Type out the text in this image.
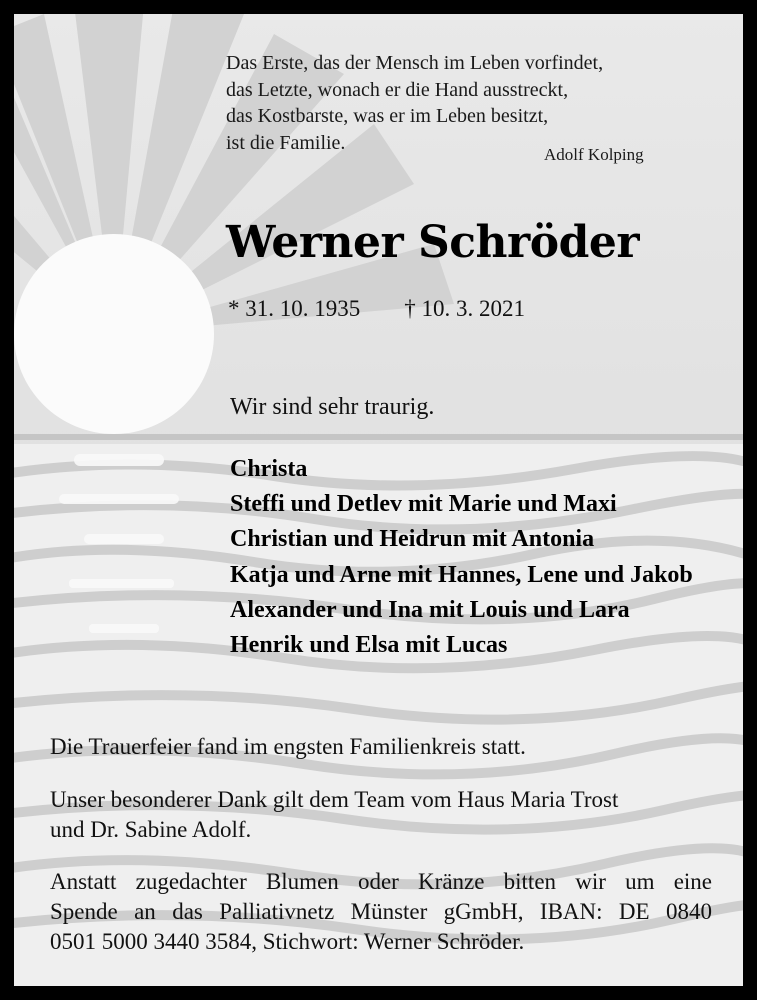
Das Erste, das der Mensch im Leben vorfindet,
das Letzte, wonach er die Hand ausstreckt,
das Kostbarste, was er im Leben besitzt,
ist die Familie.
Adolf Kolping
Werner Schröder
* 31. 10. 1935 † 10. 3. 2021
Wir sind sehr traurig.
Christa
Steffi und Detlev mit Marie und Maxi
Christian und Heidrun mit Antonia
Katja und Arne mit Hannes, Lene und Jakob
Alexander und Ina mit Louis und Lara
Henrik und Elsa mit Lucas
Die Trauerfeier fand im engsten Familienkreis statt.
Unser besonderer Dank gilt dem Team vom Haus Maria Trost
und Dr. Sabine Adolf.
Anstatt zugedachter Blumen oder Kränze bitten wir um eine
Spende an das Palliativnetz Münster gGmbH, IBAN: DE 0840
0501 5000 3440 3584, Stichwort: Werner Schröder.
